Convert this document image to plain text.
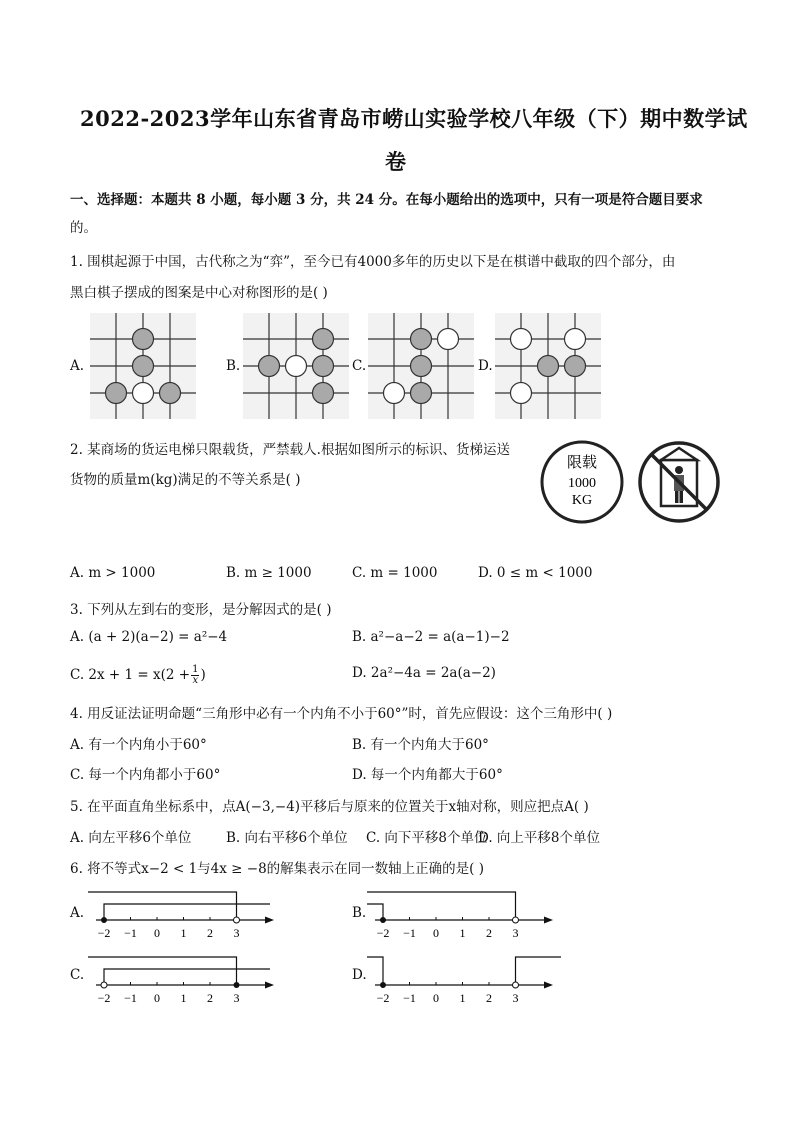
2022-2023学年山东省青岛市崂山实验学校八年级（下）期中数学试
卷
一、选择题：本题共 8 小题，每小题 3 分，共 24 分。在每小题给出的选项中，只有一项是符合题目要求
的。
1. 围棋起源于中国，古代称之为“弈”，至今已有4000多年的历史以下是在棋谱中截取的四个部分，由
黑白棋子摆成的图案是中心对称图形的是( )
A.	B.	C.	D.
2. 某商场的货运电梯只限载货，严禁载人.根据如图所示的标识、货梯运送
货物的质量m(kg)满足的不等关系是( )
限载
1000
KG
A. m > 1000	B. m ≥ 1000	C. m = 1000	D. 0 ≤ m < 1000
3. 下列从左到右的变形，是分解因式的是( )
A. (a + 2)(a−2) = a²−4	B. a²−a−2 = a(a−1)−2
C. $2x + 1 = x(2 + \frac{1}{x}$ )	D. 2a²−4a = 2a(a−2)
4. 用反证法证明命题“三角形中必有一个内角不小于60°”时，首先应假设：这个三角形中( )
A. 有一个内角小于60°	B. 有一个内角大于60°
C. 每一个内角都小于60°	D. 每一个内角都大于60°
5. 在平面直角坐标系中，点A(−3,−4)平移后与原来的位置关于x轴对称，则应把点A( )
A. 向左平移6个单位	B. 向右平移6个单位 C. 向下平移8个单位
D. 向上平移8个单位
6. 将不等式x−2 < 1与4x ≥ −8的解集表示在同一数轴上正确的是( )
A.	B.
C.	D.
−2 −1 0 1 2 3	−2 −1 0 1 2 3
−2 −1 0 1 2 3	−2 −1 0 1 2 3
